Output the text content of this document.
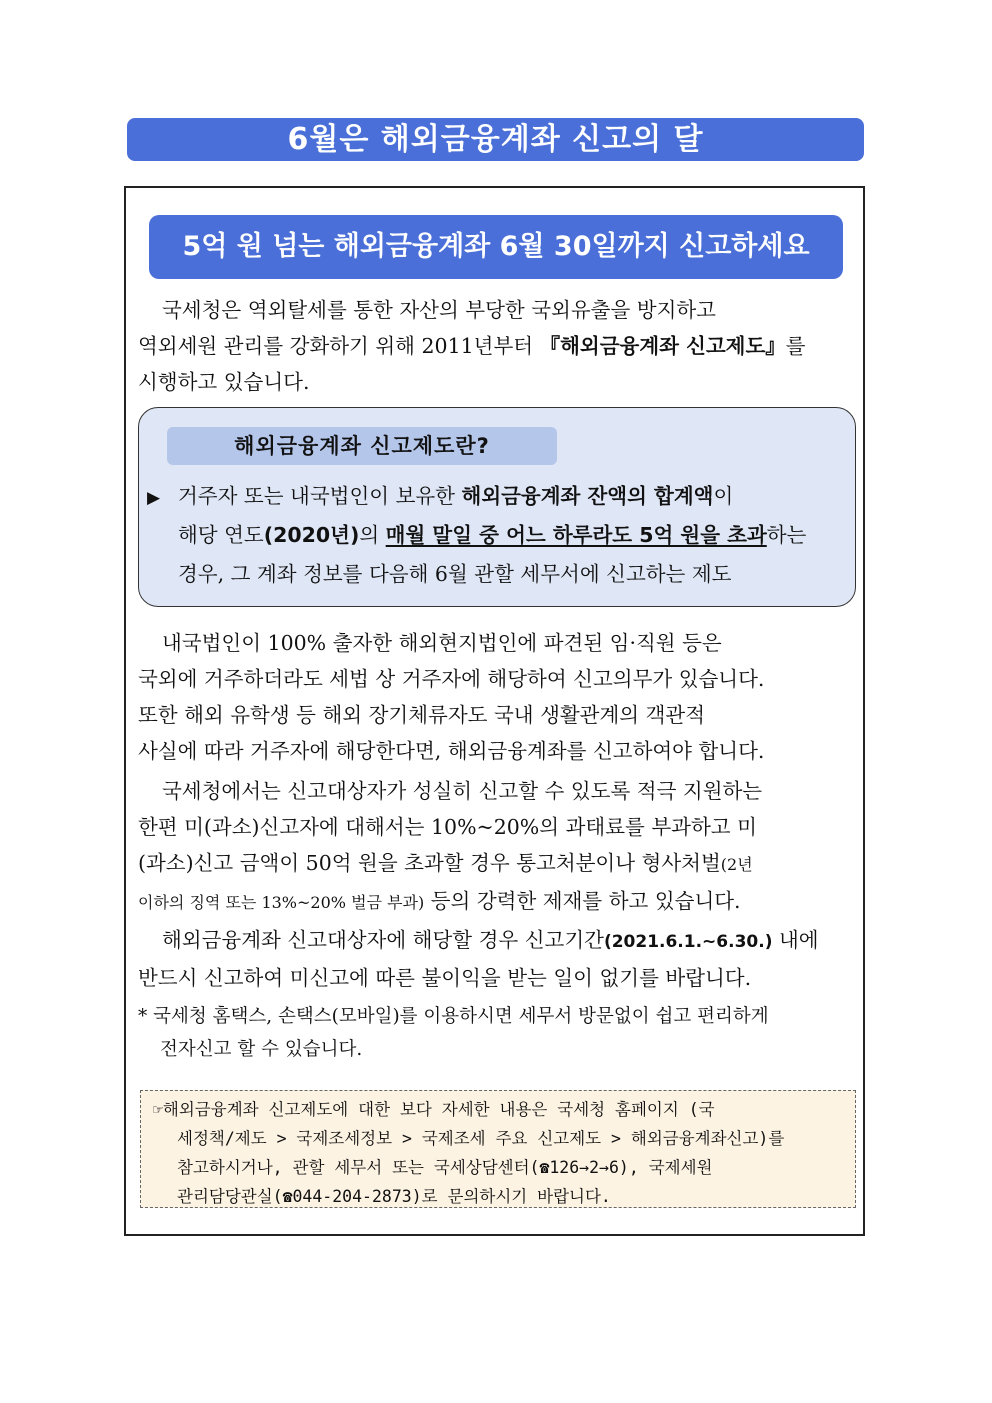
6월은 해외금융계좌 신고의 달
5억 원 넘는 해외금융계좌 6월 30일까지 신고하세요
국세청은 역외탈세를 통한 자산의 부당한 국외유출을 방지하고
역외세원 관리를 강화하기 위해 2011년부터 『해외금융계좌 신고제도』를
시행하고 있습니다.
해외금융계좌 신고제도란?
▶ 거주자 또는 내국법인이 보유한 해외금융계좌 잔액의 합계액이
해당 연도(2020년)의 매월 말일 중 어느 하루라도 5억 원을 초과하는
경우, 그 계좌 정보를 다음해 6월 관할 세무서에 신고하는 제도
내국법인이 100% 출자한 해외현지법인에 파견된 임·직원 등은
국외에 거주하더라도 세법 상 거주자에 해당하여 신고의무가 있습니다.
또한 해외 유학생 등 해외 장기체류자도 국내 생활관계의 객관적
사실에 따라 거주자에 해당한다면, 해외금융계좌를 신고하여야 합니다.
국세청에서는 신고대상자가 성실히 신고할 수 있도록 적극 지원하는
한편 미(과소)신고자에 대해서는 10%~20%의 과태료를 부과하고 미
(과소)신고 금액이 50억 원을 초과할 경우 통고처분이나 형사처벌(2년
이하의 징역 또는 13%~20% 벌금 부과) 등의 강력한 제재를 하고 있습니다.
해외금융계좌 신고대상자에 해당할 경우 신고기간(2021.6.1.~6.30.) 내에
반드시 신고하여 미신고에 따른 불이익을 받는 일이 없기를 바랍니다.
* 국세청 홈택스, 손택스(모바일)를 이용하시면 세무서 방문없이 쉽고 편리하게
전자신고 할 수 있습니다.
☞해외금융계좌 신고제도에 대한 보다 자세한 내용은 국세청 홈페이지 (국
세정책/제도 > 국제조세정보 > 국제조세 주요 신고제도 > 해외금융계좌신고)를
참고하시거나, 관할 세무서 또는 국세상담센터(☎126→2→6), 국제세원
관리담당관실(☎044-204-2873)로 문의하시기 바랍니다.
